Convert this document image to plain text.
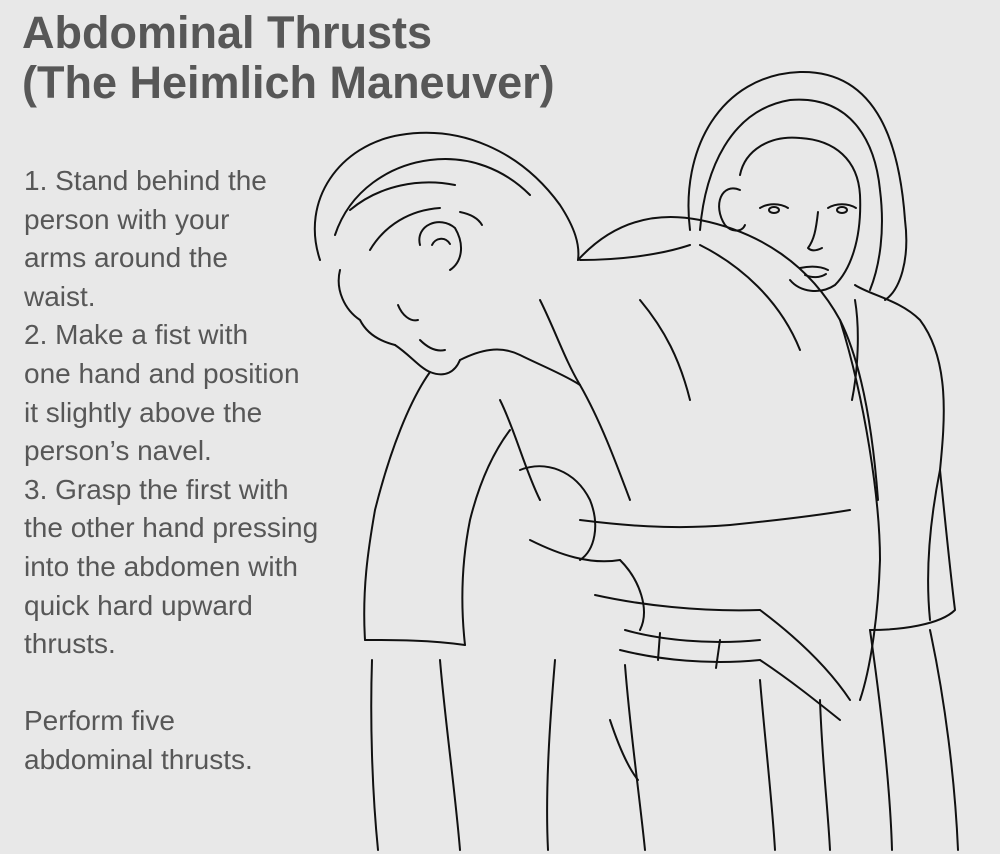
Abdominal Thrusts
(The Heimlich Maneuver)
1. Stand behind the
person with your
arms around the
waist.
2. Make a fist with
one hand and position
it slightly above the
person’s navel.
3. Grasp the first with
the other hand pressing
into the abdomen with
quick hard upward
thrusts.
Perform five
abdominal thrusts.
